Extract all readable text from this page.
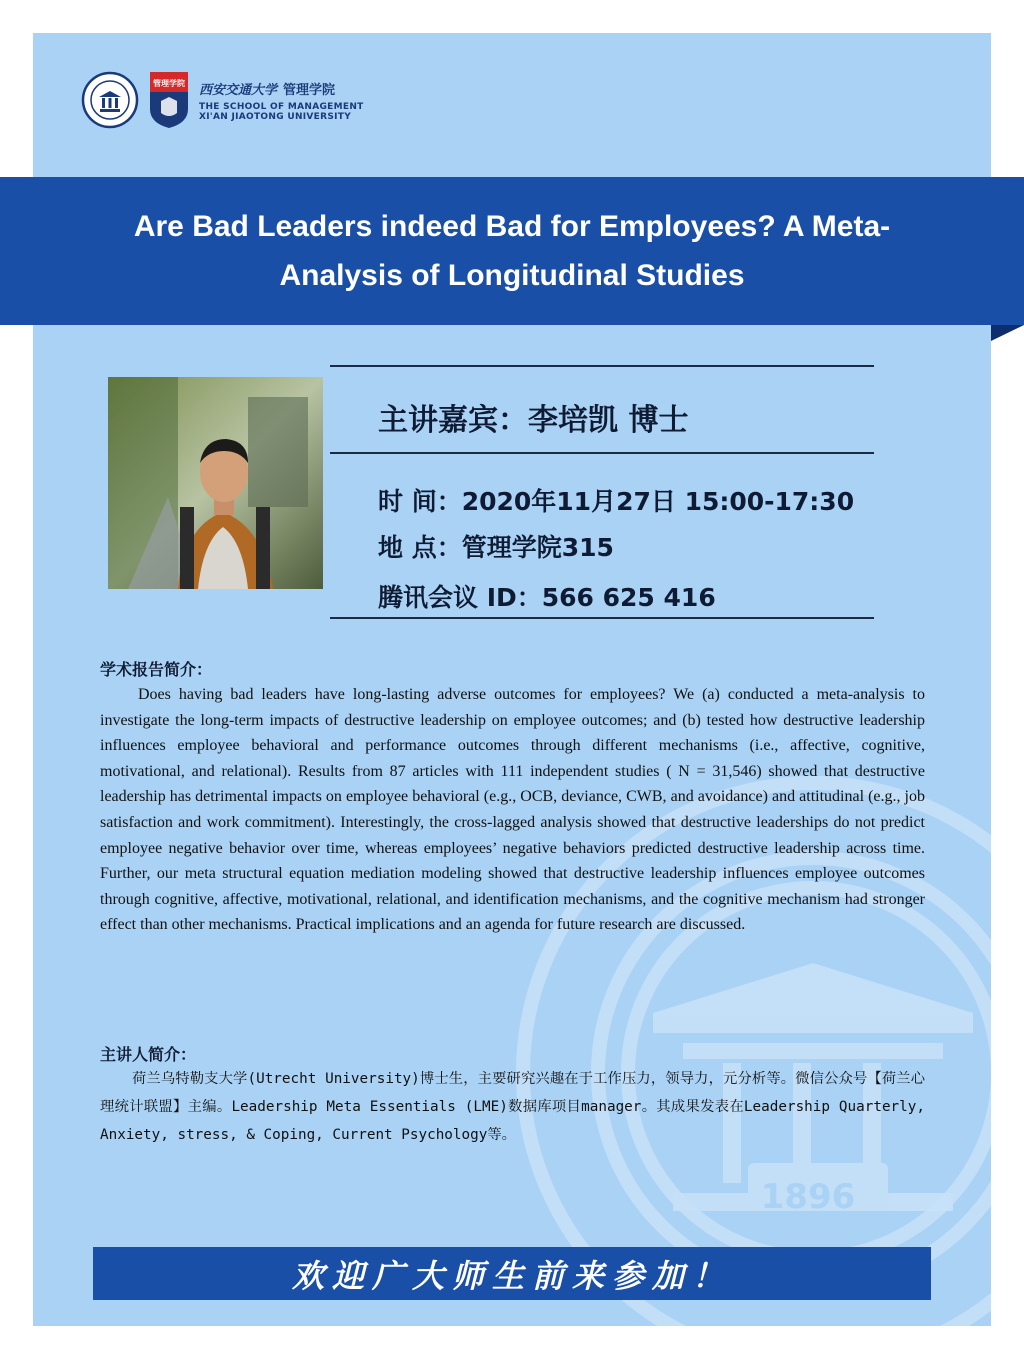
1896
管理学院 西安交通大学 管理学院
THE SCHOOL OF MANAGEMENT
XI'AN JIAOTONG UNIVERSITY
Are Bad Leaders indeed Bad for Employees? A Meta-Analysis of Longitudinal Studies
主讲嘉宾：李培凯 博士
时 间：2020年11月27日 15:00-17:30
地 点：管理学院315
腾讯会议 ID：566 625 416
学术报告简介：
Does having bad leaders have long-lasting adverse outcomes for employees? We (a) conducted a meta-analysis to investigate the long-term impacts of destructive leadership on employee outcomes; and (b) tested how destructive leadership influences employee behavioral and performance outcomes through different mechanisms (i.e., affective, cognitive, motivational, and relational). Results from 87 articles with 111 independent studies ( N = 31,546) showed that destructive leadership has detrimental impacts on employee behavioral (e.g., OCB, deviance, CWB, and avoidance) and attitudinal (e.g., job satisfaction and work commitment). Interestingly, the cross-lagged analysis showed that destructive leaderships do not predict employee negative behavior over time, whereas employees’ negative behaviors predicted destructive leadership across time. Further, our meta structural equation mediation modeling showed that destructive leadership influences employee outcomes through cognitive, affective, motivational, relational, and identification mechanisms, and the cognitive mechanism had stronger effect than other mechanisms. Practical implications and an agenda for future research are discussed.
主讲人简介：
荷兰乌特勒支大学(Utrecht University)博士生，主要研究兴趣在于工作压力，领导力，元分析等。微信公众号【荷兰心理统计联盟】主编。Leadership Meta Essentials (LME)数据库项目manager。其成果发表在Leadership Quarterly, Anxiety, stress, & Coping, Current Psychology等。
欢迎广大师生前来参加！
